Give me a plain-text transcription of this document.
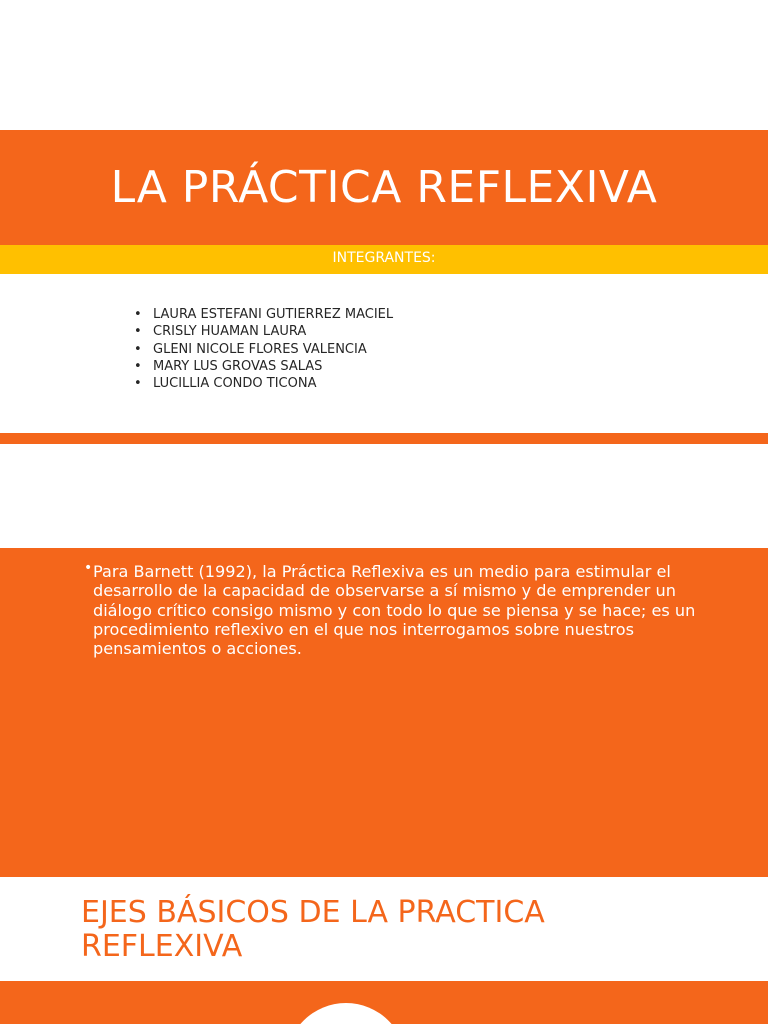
LA PRÁCTICA REFLEXIVA
INTEGRANTES:
• LAURA ESTEFANI GUTIERREZ MACIEL
• CRISLY HUAMAN LAURA
• GLENI NICOLE FLORES VALENCIA
• MARY LUS GROVAS SALAS
• LUCILLIA CONDO TICONA
• Para Barnett (1992), la Práctica Reflexiva es un medio para estimular el desarrollo de la capacidad de observarse a sí mismo y de emprender un diálogo crítico consigo mismo y con todo lo que se piensa y se hace; es un procedimiento reflexivo en el que nos interrogamos sobre nuestros pensamientos o acciones.

EJES BÁSICOS DE LA PRACTICA REFLEXIVA
